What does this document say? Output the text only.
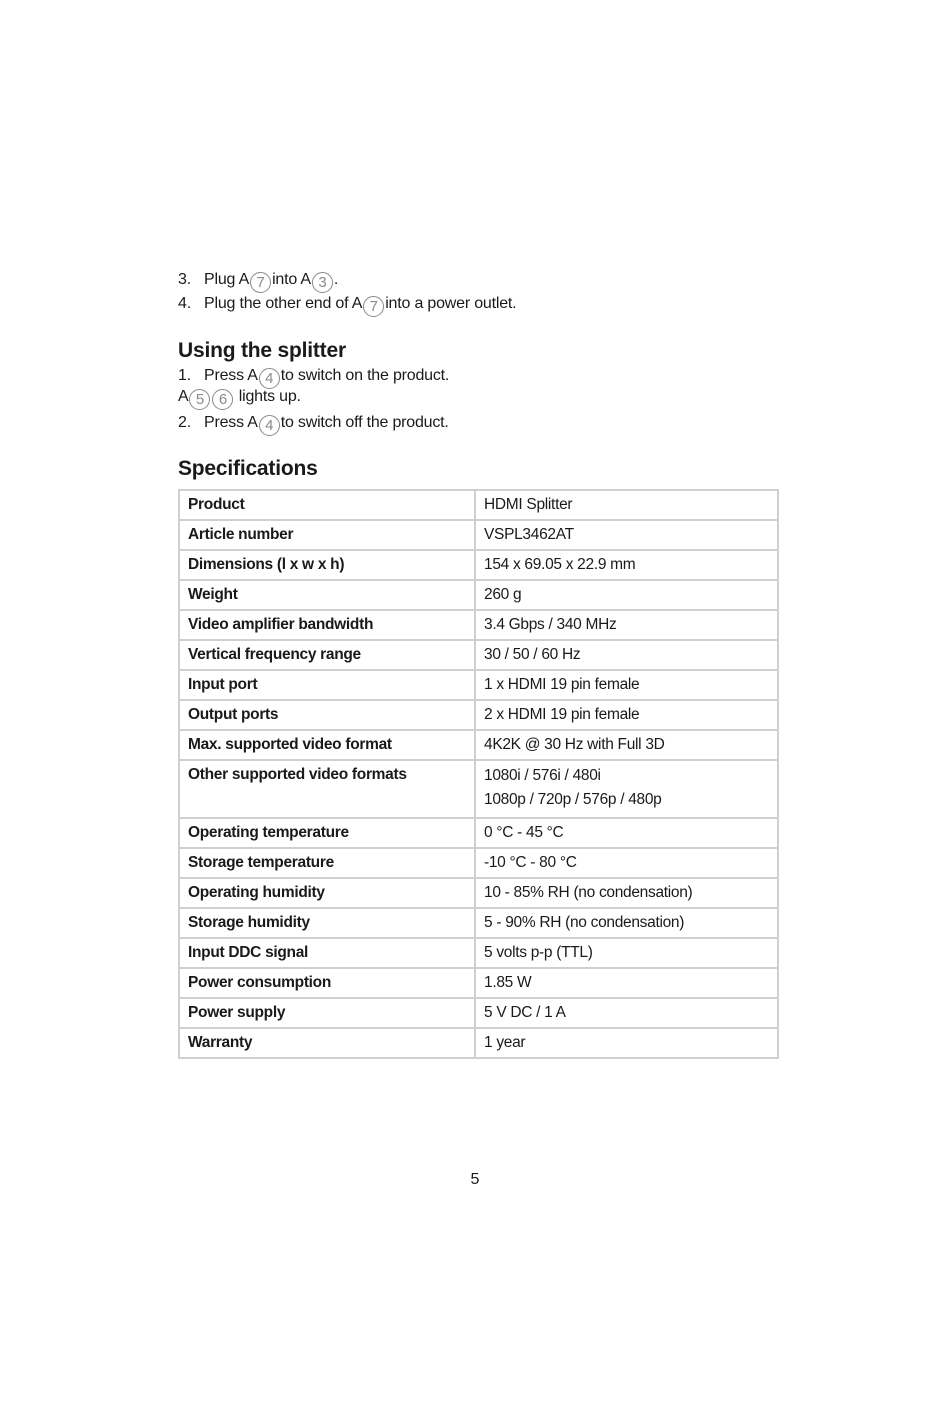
3. Plug A 7 into A 3 .
4. Plug the other end of A 7 into a power outlet.
Using the splitter
1. Press A 4 to switch on the product.
A 5 6 lights up.
2. Press A 4 to switch off the product.
Specifications
Product	HDMI Splitter

Article number	VSPL3462AT

Dimensions (l x w x h)	154 x 69.05 x 22.9 mm

Weight	260 g

Video amplifier bandwidth	3.4 Gbps / 340 MHz

Vertical frequency range	30 / 50 / 60 Hz

Input port	1 x HDMI 19 pin female

Output ports	2 x HDMI 19 pin female

Max. supported video format	4K2K @ 30 Hz with Full 3D

Other supported video formats	1080i / 576i / 480i
1080p / 720p / 576p / 480p

Operating temperature	0 °C - 45 °C

Storage temperature	-10 °C - 80 °C

Operating humidity	10 - 85% RH (no condensation)

Storage humidity	5 - 90% RH (no condensation)

Input DDC signal	5 volts p-p (TTL)

Power consumption	1.85 W

Power supply	5 V DC / 1 A

Warranty	1 year
5
